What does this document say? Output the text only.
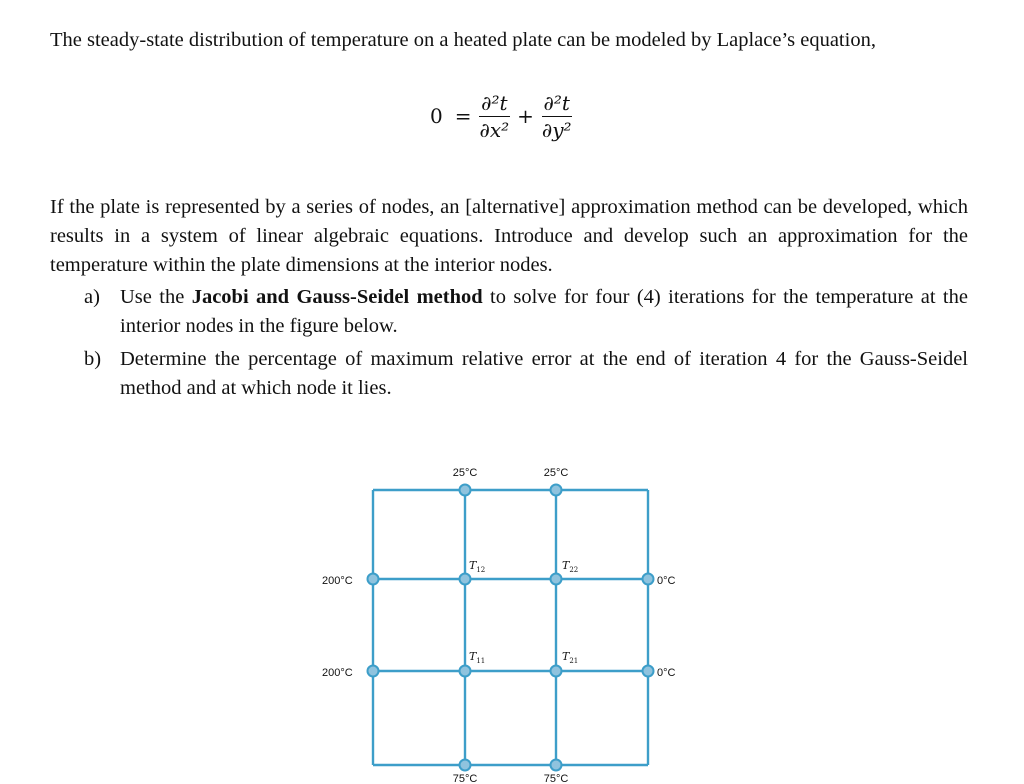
The steady-state distribution of temperature on a heated plate can be modeled by Laplace’s equation,

$0 = \frac{\text{∂²t}}{\text{∂x²}} + \frac{\text{∂²t}}{\text{∂y²}}$

If the plate is represented by a series of nodes, an [alternative] approximation method can be developed, which results in a system of linear algebraic equations. Introduce and develop such an approximation for the temperature within the plate dimensions at the interior nodes.

a) Use the Jacobi and Gauss-Seidel method to solve for four (4) iterations for the temperature at the interior nodes in the figure below.
b) Determine the percentage of maximum relative error at the end of iteration 4 for the Gauss-Seidel method and at which node it lies.
25°C	25°C
200°C
200°C
0°C
0°C
75°C	75°C
$T_{12}$	$T_{22}$
$T_{11}$	$T_{21}$
